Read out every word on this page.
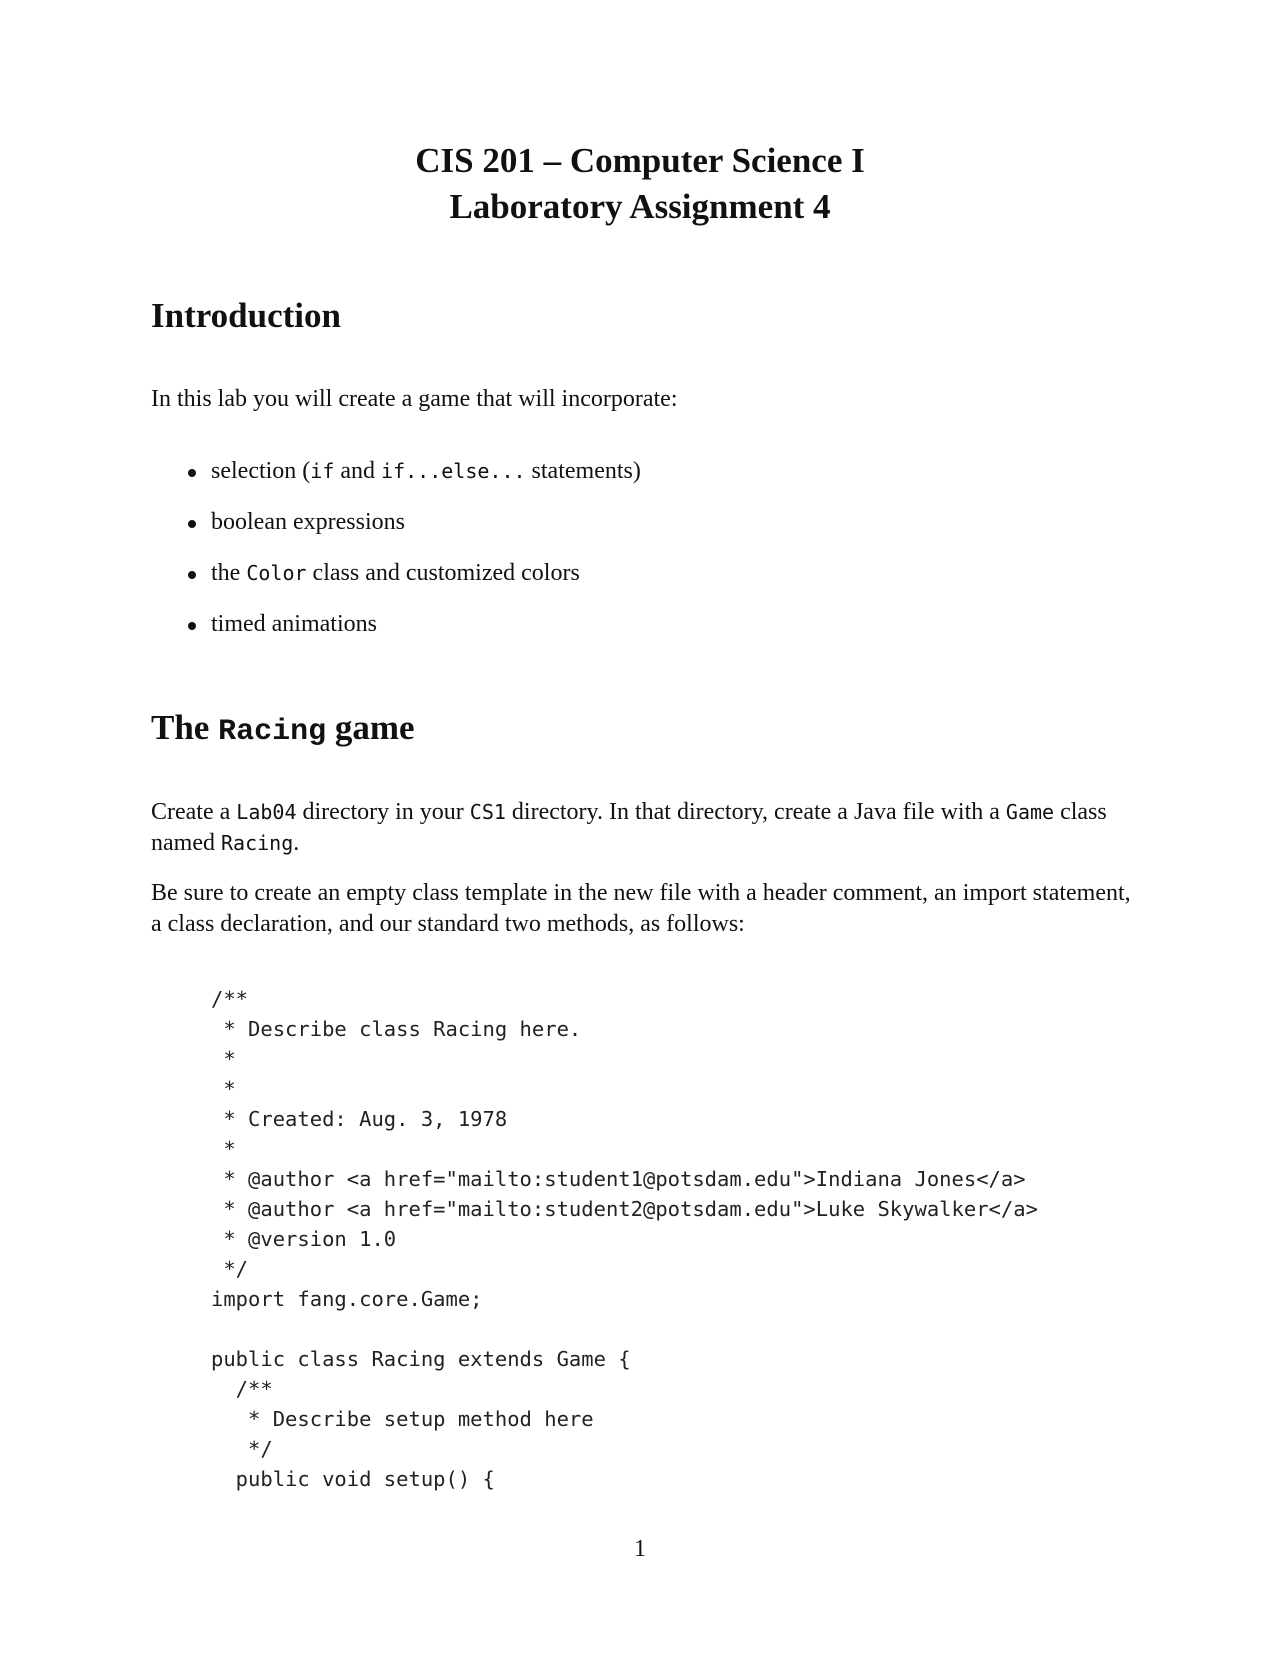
CIS 201 – Computer Science I
Laboratory Assignment 4
Introduction

In this lab you will create a game that will incorporate:

selection (if and if...else... statements)
boolean expressions
the Color class and customized colors
timed animations
The Racing game

Create a Lab04 directory in your CS1 directory. In that directory, create a Java file with a Game class named Racing.

Be sure to create an empty class template in the new file with a header comment, an import statement, a class declaration, and our standard two methods, as follows:

/**
* Describe class Racing here.
*
*
* Created: Aug. 3, 1978
*
* @author <a href="mailto:student1@potsdam.edu">Indiana Jones</a>
* @author <a href="mailto:student2@potsdam.edu">Luke Skywalker</a>
* @version 1.0
*/
import fang.core.Game;

public class Racing extends Game {
/**
* Describe setup method here
*/
public void setup() {
1
